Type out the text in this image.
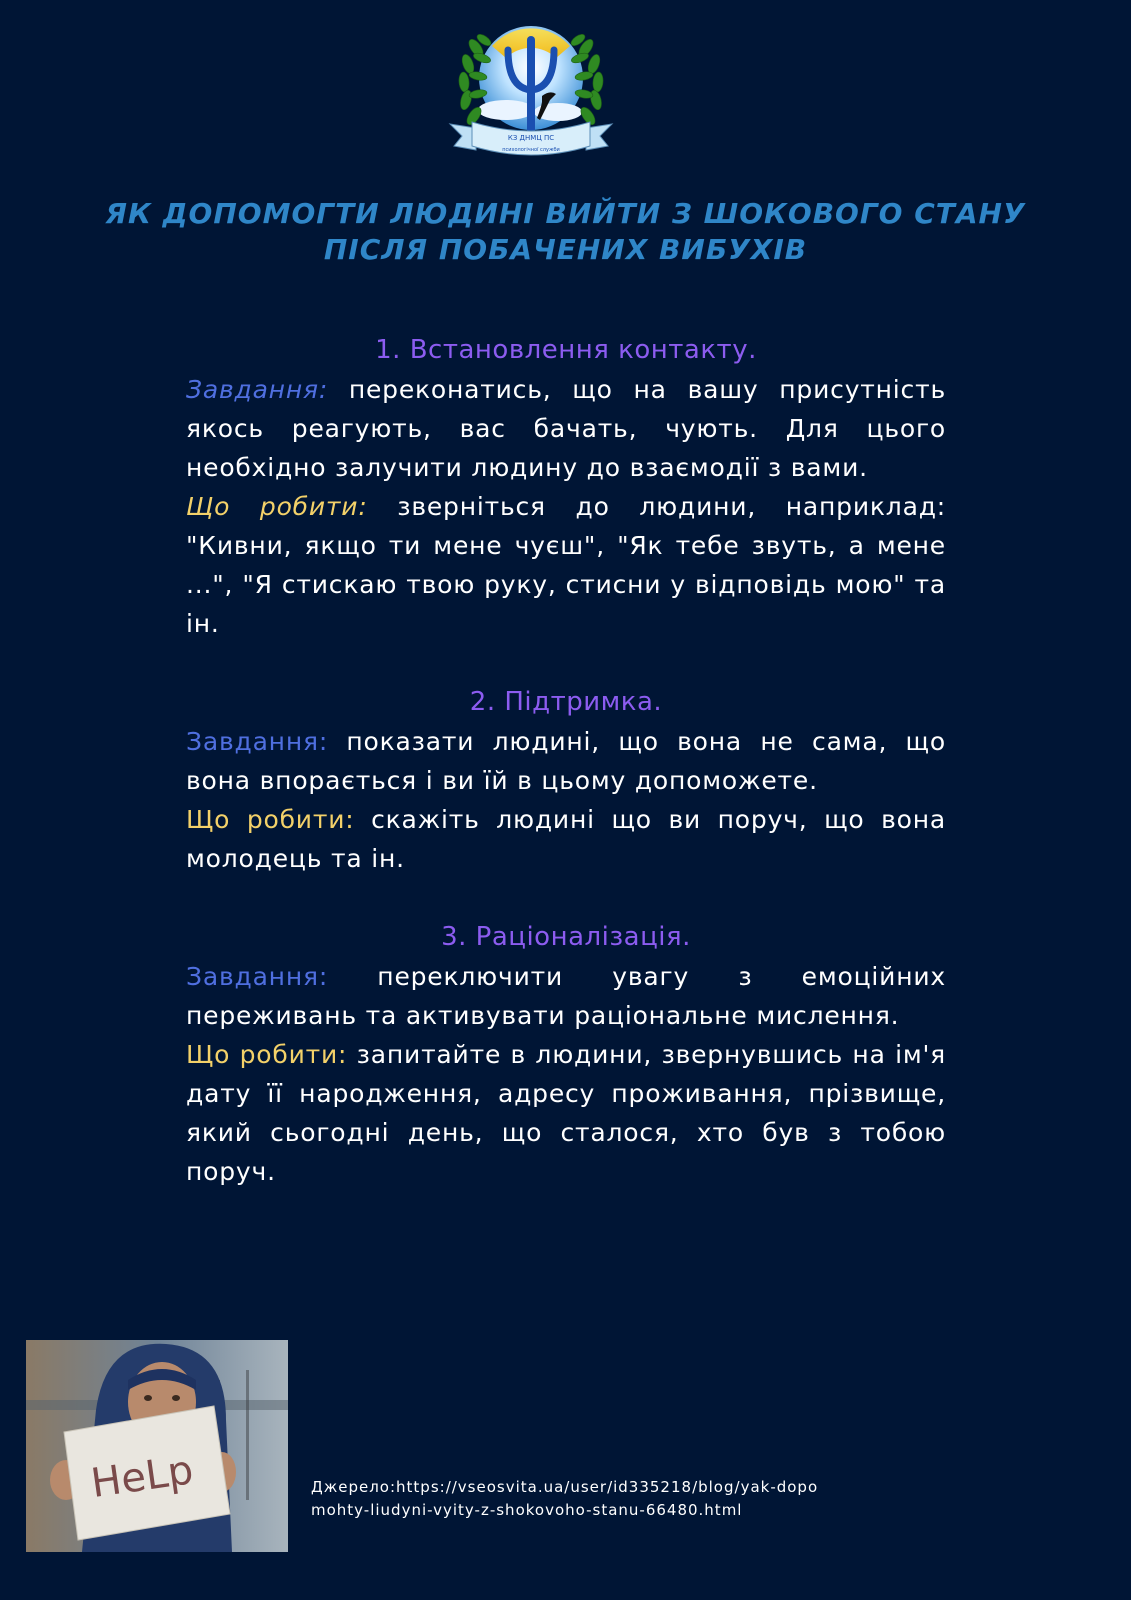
КЗ ДНМЦ ПС
психологічної служби
ЯК ДОПОМОГТИ ЛЮДИНІ ВИЙТИ З ШОКОВОГО СТАНУ
ПІСЛЯ ПОБАЧЕНИХ ВИБУХІВ
1. Встановлення контакту.

Завдання: переконатись, що на вашу присутність якось реагують, вас бачать, чують. Для цього необхідно залучити людину до взаємодії з вами.

Що робити: зверніться до людини, наприклад: "Кивни, якщо ти мене чуєш", "Як тебе звуть, а мене ...", "Я стискаю твою руку, стисни у відповідь мою" та ін.

2. Підтримка.

Завдання: показати людині, що вона не сама, що вона впорається і ви їй в цьому допоможете.

Що робити: скажіть людині що ви поруч, що вона молодець та ін.

3. Раціоналізація.

Завдання: переключити увагу з емоційних переживань та активувати раціональне мислення.

Що робити: запитайте в людини, звернувшись на ім'я дату її народження, адресу проживання, прізвище, який сьогодні день, що сталося, хто був з тобою поруч.

HeLp	Джерело:https://vseosvita.ua/user/id335218/blog/yak-dopomohty-liudyni-vyity-z-shokovoho-stanu-66480.html
